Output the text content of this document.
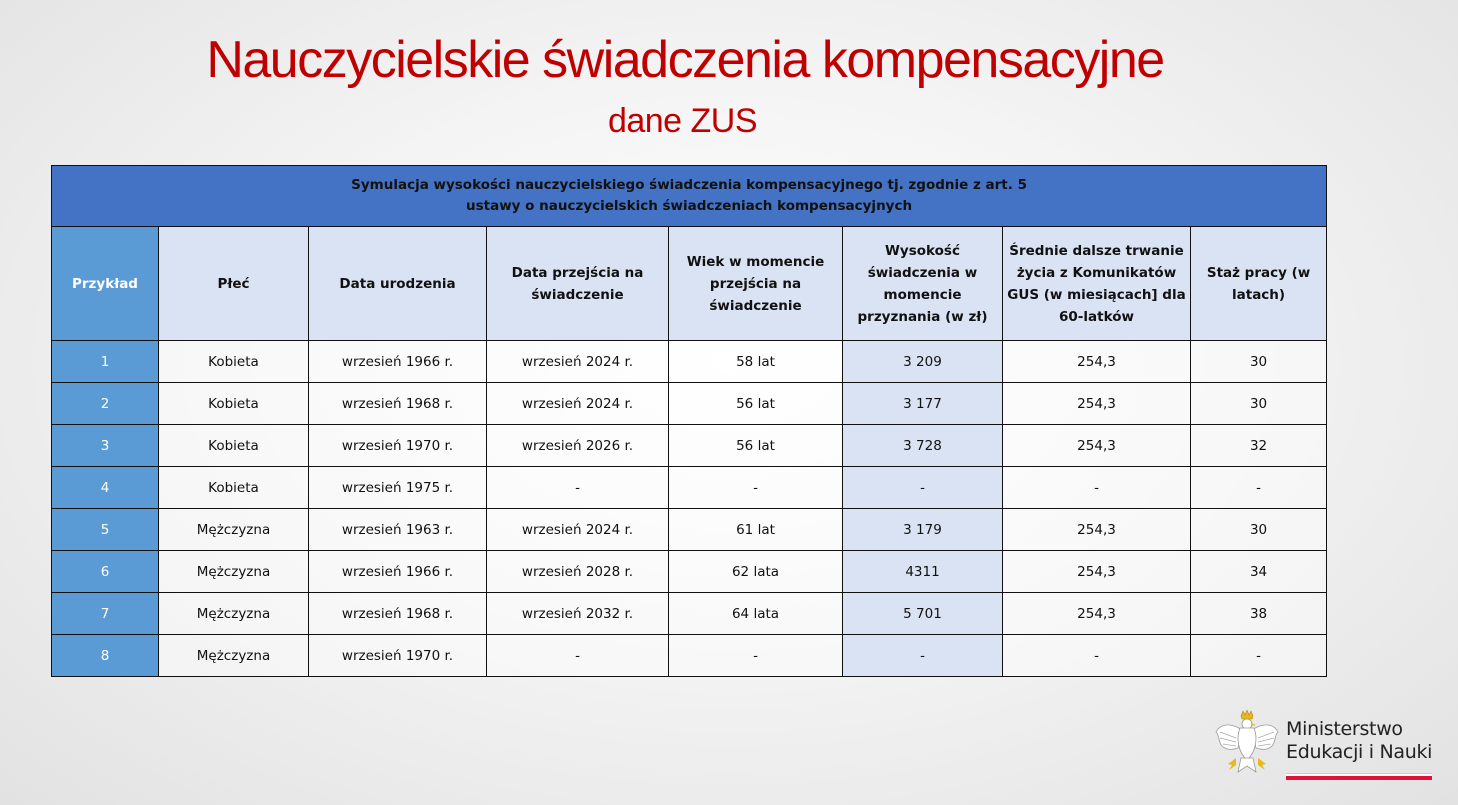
Nauczycielskie świadczenia kompensacyjne
dane ZUS
Symulacja wysokości nauczycielskiego świadczenia kompensacyjnego tj. zgodnie z art. 5
ustawy o nauczycielskich świadczeniach kompensacyjnych							

Przykład	Płeć	Data urodzenia	Data przejścia na świadczenie	Wiek w momencie przejścia na świadczenie	Wysokość świadczenia w momencie przyznania (w zł)	Średnie dalsze trwanie życia z Komunikatów GUS (w miesiącach] dla 60-latków	Staż pracy (w latach)
1	Kobieta	wrzesień 1966 r.	wrzesień 2024 r.	58 lat	3 209	254,3	30
2	Kobieta	wrzesień 1968 r.	wrzesień 2024 r.	56 lat	3 177	254,3	30
3	Kobieta	wrzesień 1970 r.	wrzesień 2026 r.	56 lat	3 728	254,3	32
4	Kobieta	wrzesień 1975 r.	-	-	-	-	-
5	Mężczyzna	wrzesień 1963 r.	wrzesień 2024 r.	61 lat	3 179	254,3	30
6	Mężczyzna	wrzesień 1966 r.	wrzesień 2028 r.	62 lata	4311	254,3	34
7	Mężczyzna	wrzesień 1968 r.	wrzesień 2032 r.	64 lata	5 701	254,3	38
8	Mężczyzna	wrzesień 1970 r.	-	-	-	-	-
Ministerstwo
Edukacji i Nauki
